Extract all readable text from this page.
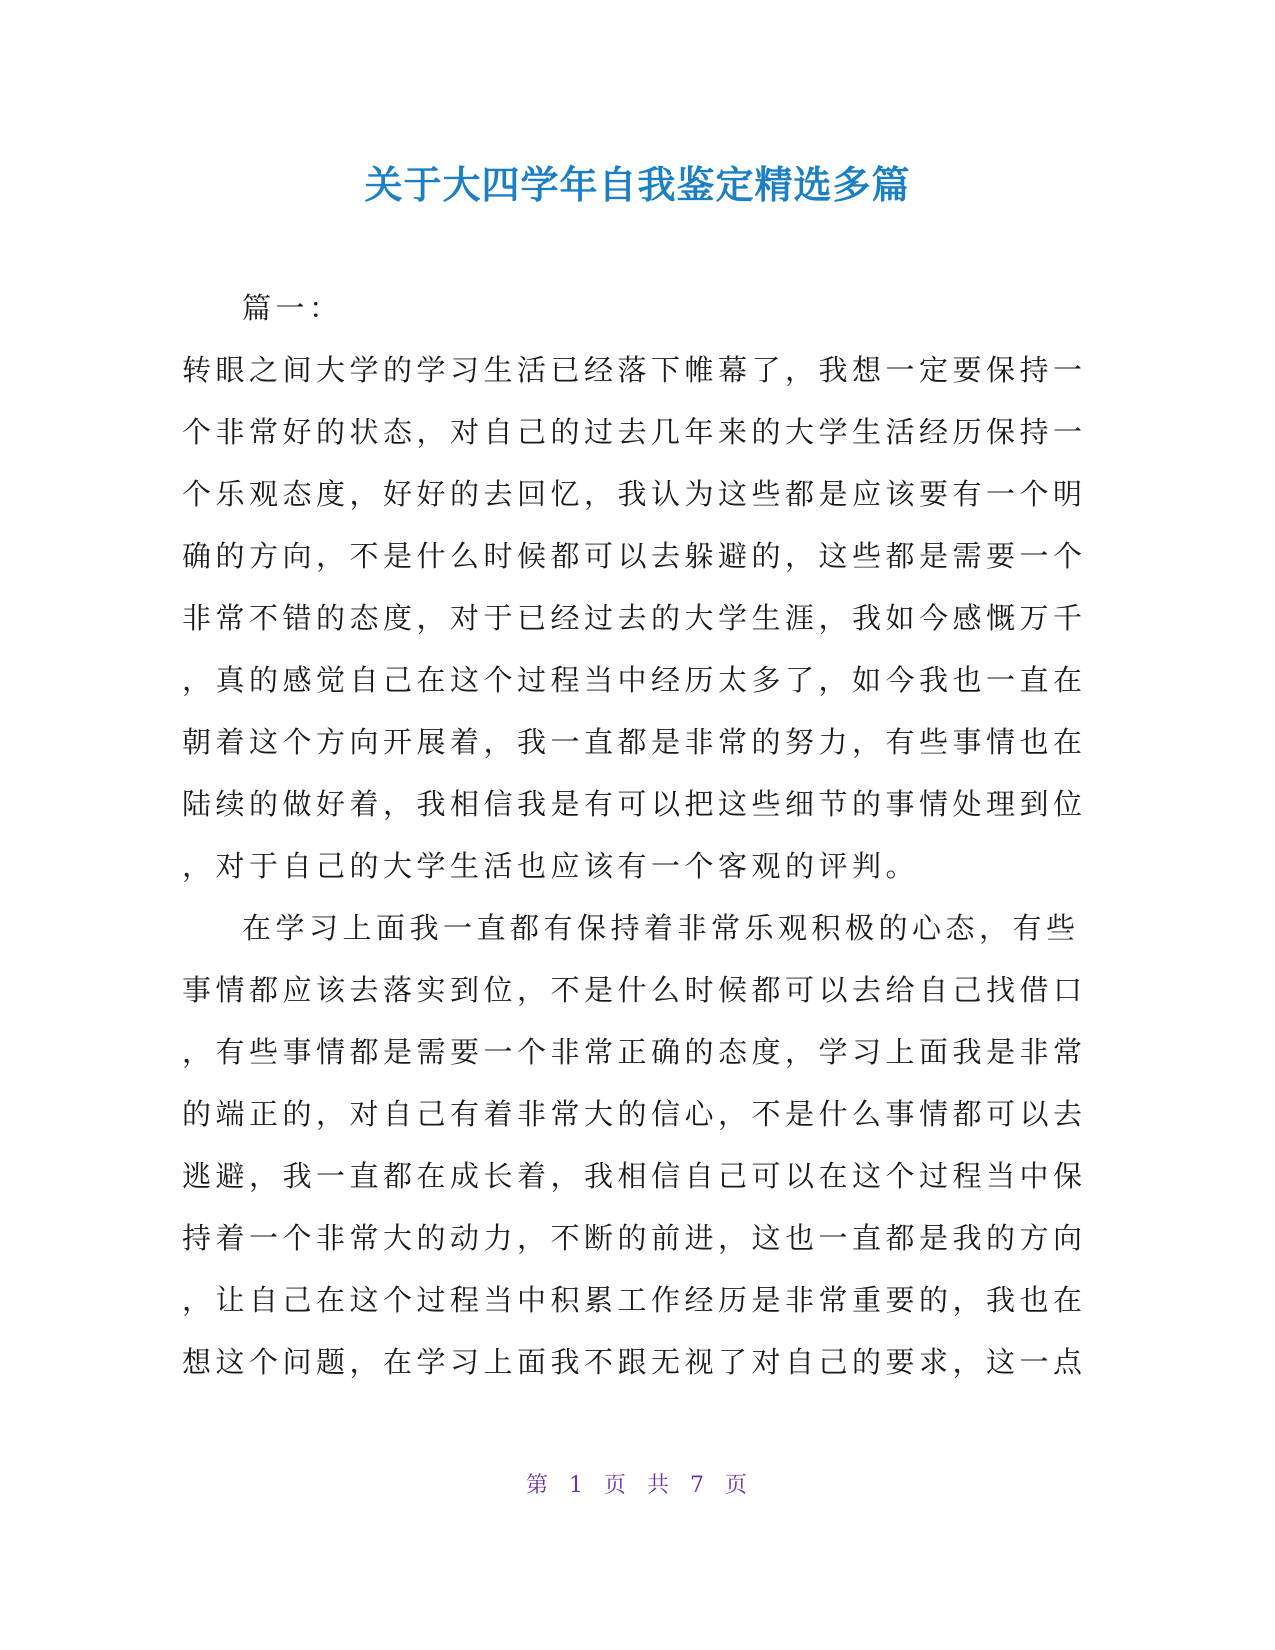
关于大四学年自我鉴定精选多篇
篇一：
转眼之间大学的学习生活已经落下帷幕了，我想一定要保持一
个非常好的状态，对自己的过去几年来的大学生活经历保持一
个乐观态度，好好的去回忆，我认为这些都是应该要有一个明
确的方向，不是什么时候都可以去躲避的，这些都是需要一个
非常不错的态度，对于已经过去的大学生涯，我如今感慨万千
，真的感觉自己在这个过程当中经历太多了，如今我也一直在
朝着这个方向开展着，我一直都是非常的努力，有些事情也在
陆续的做好着，我相信我是有可以把这些细节的事情处理到位
，对于自己的大学生活也应该有一个客观的评判。
在学习上面我一直都有保持着非常乐观积极的心态，有些
事情都应该去落实到位，不是什么时候都可以去给自己找借口
，有些事情都是需要一个非常正确的态度，学习上面我是非常
的端正的，对自己有着非常大的信心，不是什么事情都可以去
逃避，我一直都在成长着，我相信自己可以在这个过程当中保
持着一个非常大的动力，不断的前进，这也一直都是我的方向
，让自己在这个过程当中积累工作经历是非常重要的，我也在
想这个问题，在学习上面我不跟无视了对自己的要求，这一点
第 1 页 共 7 页
